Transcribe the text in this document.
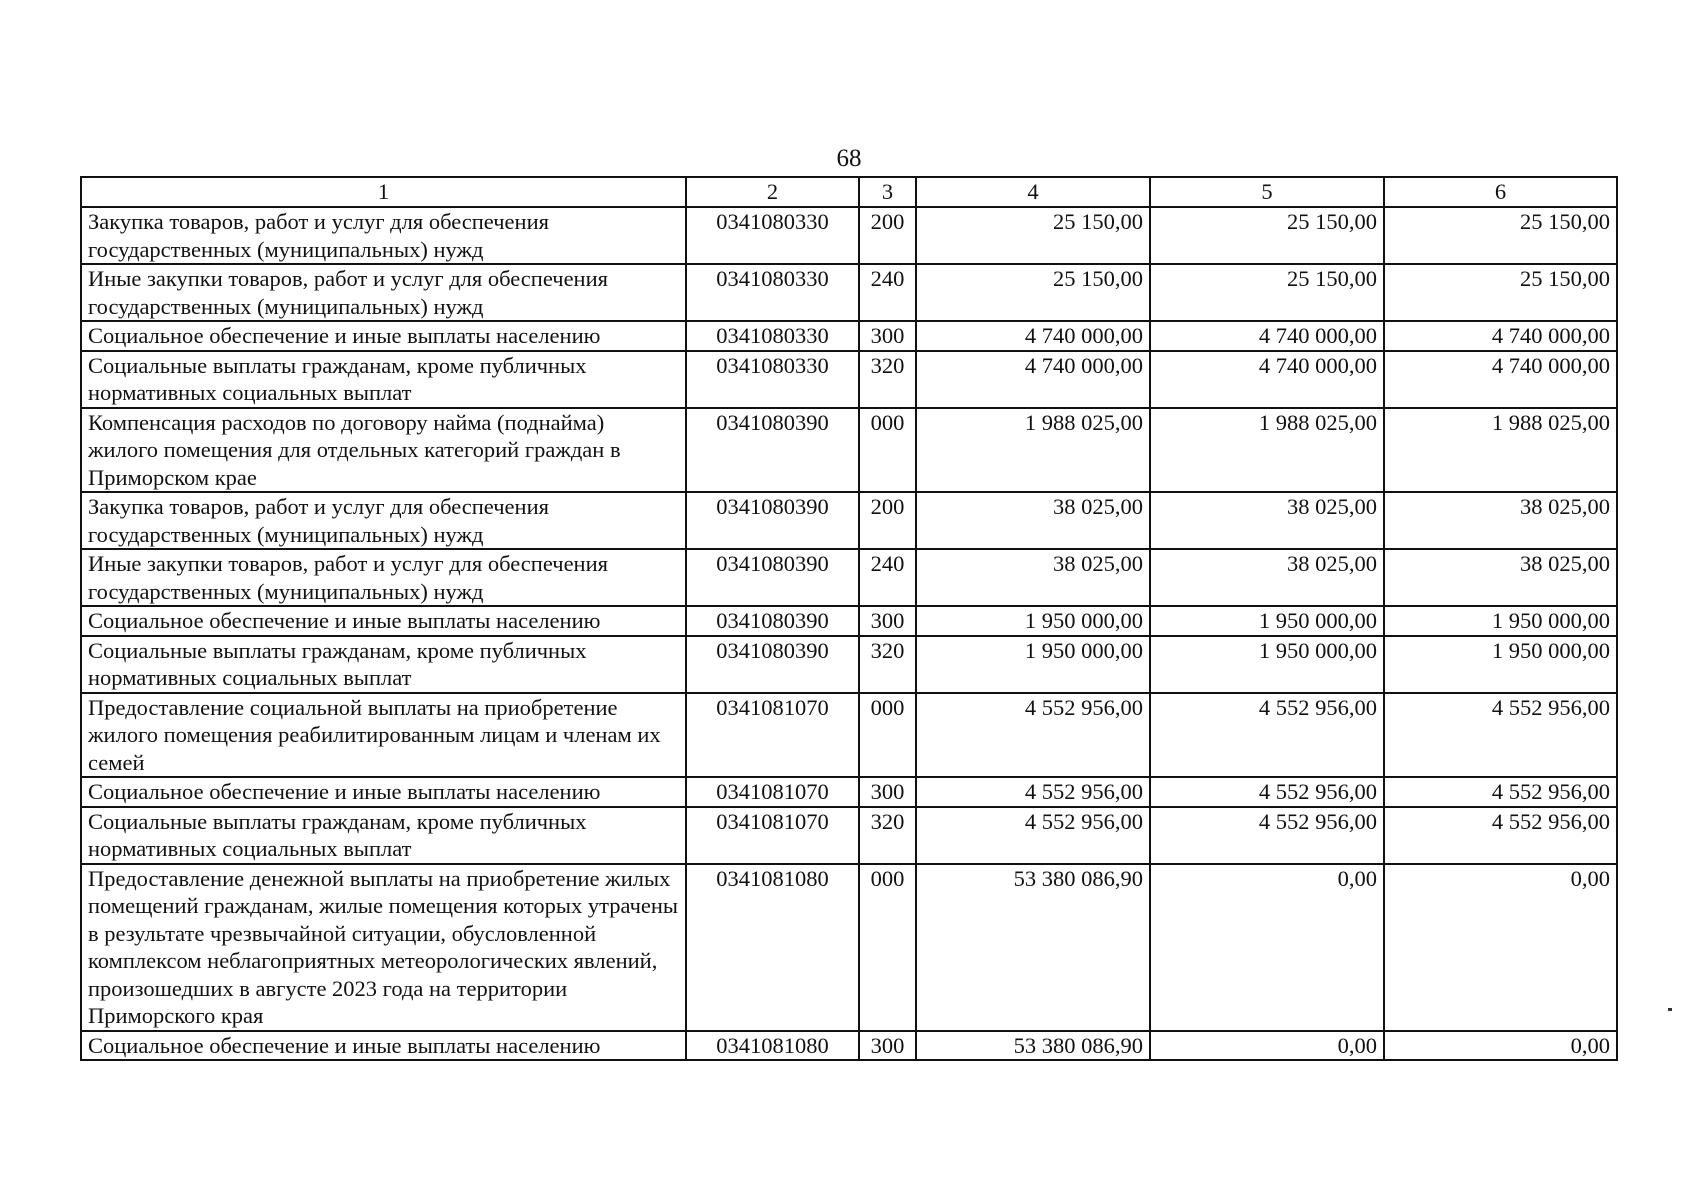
68
1	2	3	4	5	6
Закупка товаров, работ и услуг для обеспечения государственных (муниципальных) нужд	0341080330	200	25 150,00	25 150,00	25 150,00
Иные закупки товаров, работ и услуг для обеспечения государственных (муниципальных) нужд	0341080330	240	25 150,00	25 150,00	25 150,00
Социальное обеспечение и иные выплаты населению	0341080330	300	4 740 000,00	4 740 000,00	4 740 000,00
Социальные выплаты гражданам, кроме публичных нормативных социальных выплат	0341080330	320	4 740 000,00	4 740 000,00	4 740 000,00
Компенсация расходов по договору найма (поднайма) жилого помещения для отдельных категорий граждан в Приморском крае	0341080390	000	1 988 025,00	1 988 025,00	1 988 025,00
Закупка товаров, работ и услуг для обеспечения государственных (муниципальных) нужд	0341080390	200	38 025,00	38 025,00	38 025,00
Иные закупки товаров, работ и услуг для обеспечения государственных (муниципальных) нужд	0341080390	240	38 025,00	38 025,00	38 025,00
Социальное обеспечение и иные выплаты населению	0341080390	300	1 950 000,00	1 950 000,00	1 950 000,00
Социальные выплаты гражданам, кроме публичных нормативных социальных выплат	0341080390	320	1 950 000,00	1 950 000,00	1 950 000,00
Предоставление социальной выплаты на приобретение жилого помещения реабилитированным лицам и членам их семей	0341081070	000	4 552 956,00	4 552 956,00	4 552 956,00
Социальное обеспечение и иные выплаты населению	0341081070	300	4 552 956,00	4 552 956,00	4 552 956,00
Социальные выплаты гражданам, кроме публичных нормативных социальных выплат	0341081070	320	4 552 956,00	4 552 956,00	4 552 956,00
Предоставление денежной выплаты на приобретение жилых помещений гражданам, жилые помещения которых утрачены в результате чрезвычайной ситуации, обусловленной комплексом неблагоприятных метеорологических явлений, произошедших в августе 2023 года на территории Приморского края	0341081080	000	53 380 086,90	0,00	0,00
Социальное обеспечение и иные выплаты населению	0341081080	300	53 380 086,90	0,00	0,00
